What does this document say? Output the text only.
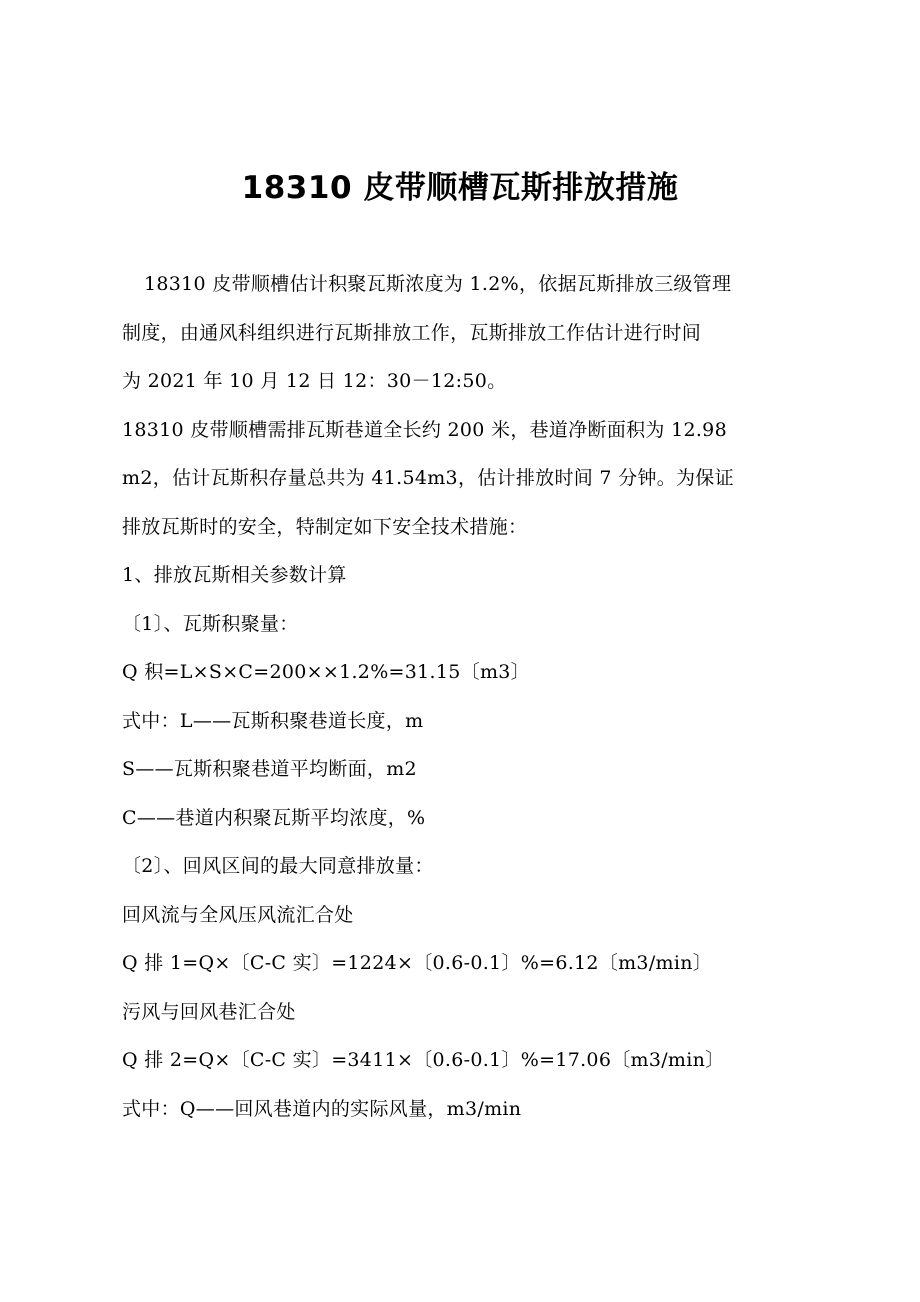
18310 皮带顺槽瓦斯排放措施
18310 皮带顺槽估计积聚瓦斯浓度为 1.2%，依据瓦斯排放三级管理
制度，由通风科组织进行瓦斯排放工作，瓦斯排放工作估计进行时间
为 2021 年 10 月 12 日 12：30－12:50。
18310 皮带顺槽需排瓦斯巷道全长约 200 米，巷道净断面积为 12.98
m2，估计瓦斯积存量总共为 41.54m3，估计排放时间 7 分钟。为保证
排放瓦斯时的安全，特制定如下安全技术措施：
1、排放瓦斯相关参数计算
〔1〕、瓦斯积聚量：
Q 积=L×S×C=200××1.2%=31.15〔m3〕
式中：L——瓦斯积聚巷道长度，m
S——瓦斯积聚巷道平均断面，m2
C——巷道内积聚瓦斯平均浓度，%
〔2〕、回风区间的最大同意排放量：
回风流与全风压风流汇合处
Q 排 1=Q×〔C-C 实〕=1224×〔0.6-0.1〕%=6.12〔m3/min〕
污风与回风巷汇合处
Q 排 2=Q×〔C-C 实〕=3411×〔0.6-0.1〕%=17.06〔m3/min〕
式中：Q——回风巷道内的实际风量，m3/min
